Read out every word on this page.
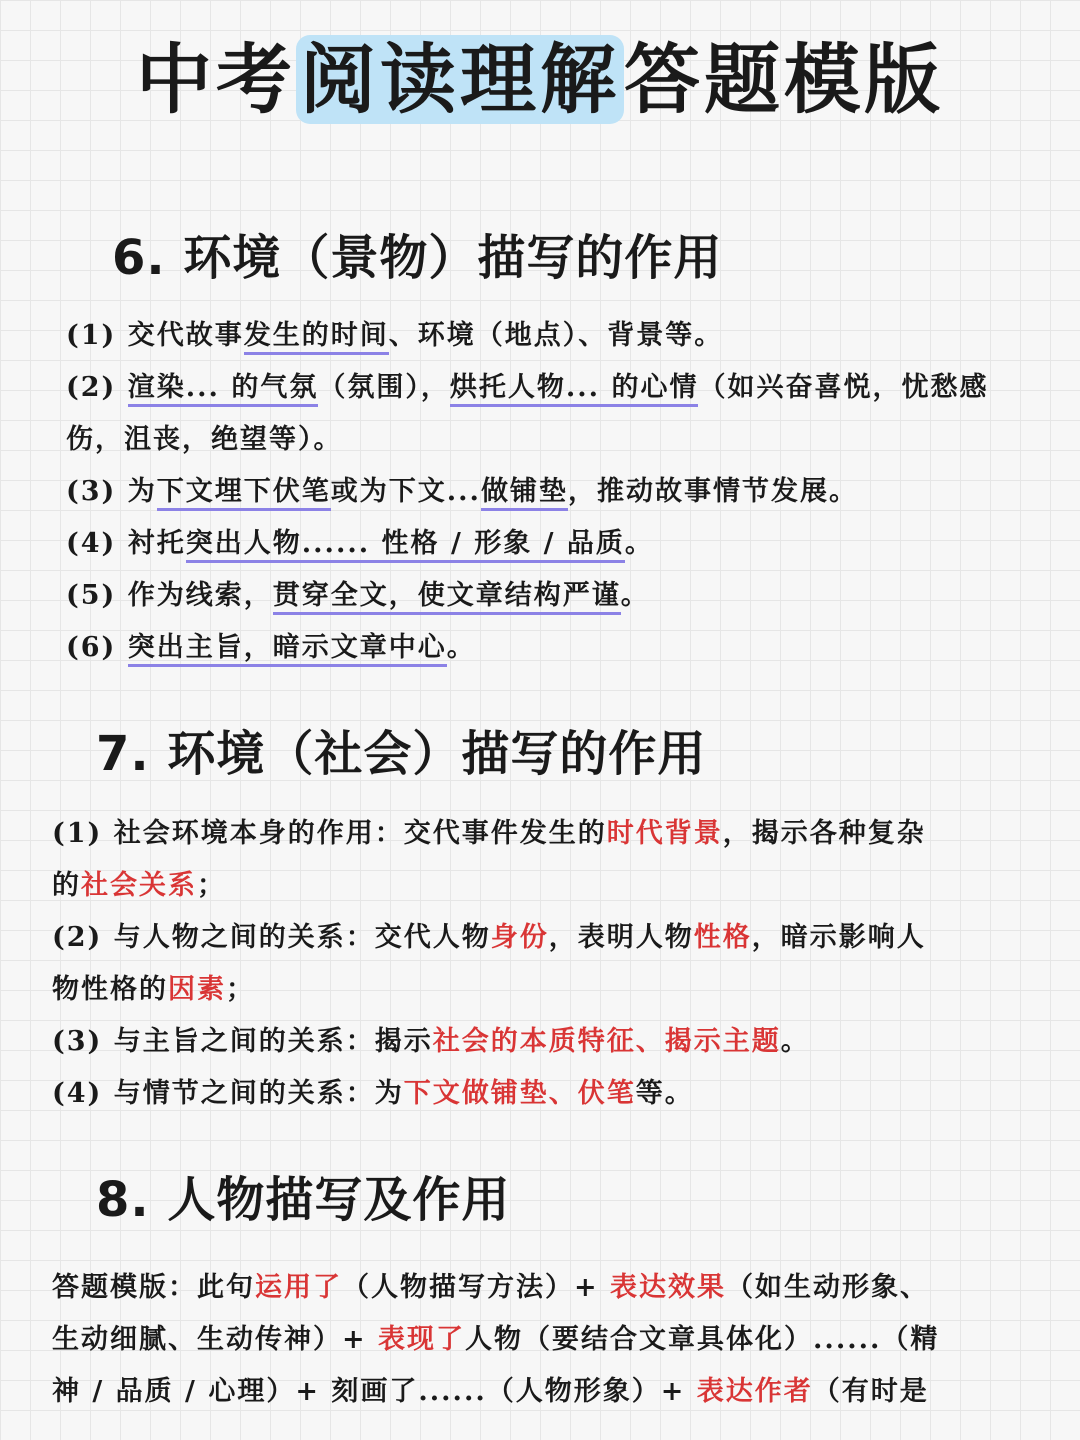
中考阅读理解答题模版
6. 环境（景物）描写的作用
(1) 交代故事发生的时间、环境（地点）、背景等。
(2) 渲染... 的气氛（氛围），烘托人物... 的心情（如兴奋喜悦，忧愁感
伤，沮丧，绝望等）。
(3) 为下文埋下伏笔或为下文...做铺垫，推动故事情节发展。
(4) 衬托突出人物...... 性格 / 形象 / 品质。
(5) 作为线索，贯穿全文，使文章结构严谨。
(6) 突出主旨，暗示文章中心。
7. 环境（社会）描写的作用
(1) 社会环境本身的作用：交代事件发生的时代背景，揭示各种复杂
的社会关系；
(2) 与人物之间的关系：交代人物身份，表明人物性格，暗示影响人
物性格的因素；
(3) 与主旨之间的关系：揭示社会的本质特征、揭示主题。
(4) 与情节之间的关系：为下文做铺垫、伏笔等。
8. 人物描写及作用
答题模版：此句运用了（人物描写方法）+ 表达效果（如生动形象、
生动细腻、生动传神）+ 表现了人物（要结合文章具体化）......（精
神 / 品质 / 心理）+ 刻画了......（人物形象）+ 表达作者（有时是
